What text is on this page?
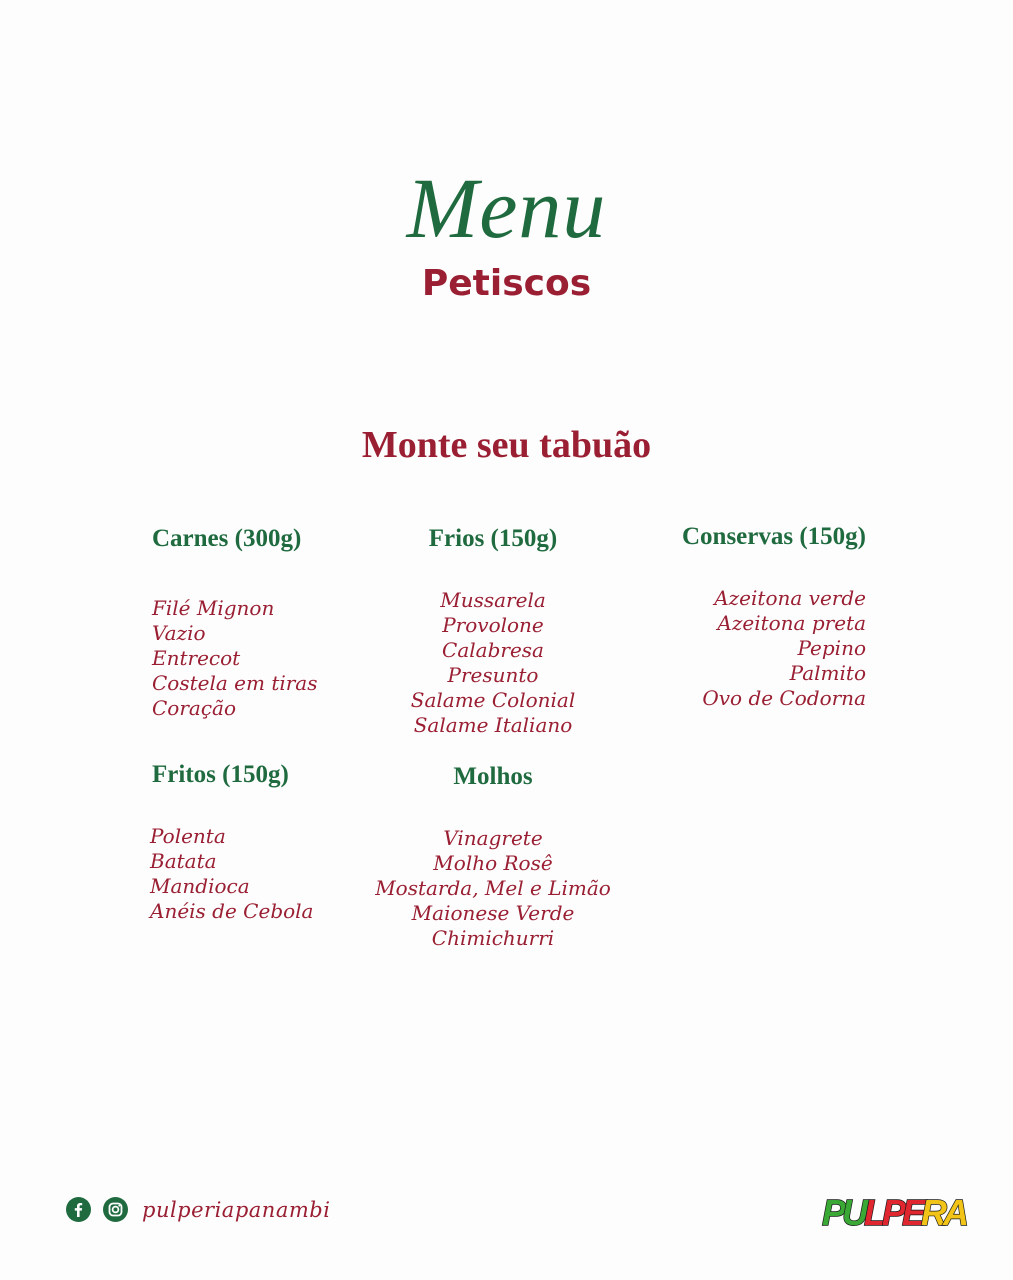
Menu
Petiscos
Monte seu tabuão
Carnes (300g)
Filé Mignon
Vazio
Entrecot
Costela em tiras
Coração
Frios (150g)
Mussarela
Provolone
Calabresa
Presunto
Salame Colonial
Salame Italiano
Conservas (150g)
Azeitona verde
Azeitona preta
Pepino
Palmito
Ovo de Codorna
Fritos (150g)
Polenta
Batata
Mandioca
Anéis de Cebola
Molhos
Vinagrete
Molho Rosê
Mostarda, Mel e Limão
Maionese Verde
Chimichurri
pulperiapanambi	P
U
L
P
E
R
A
